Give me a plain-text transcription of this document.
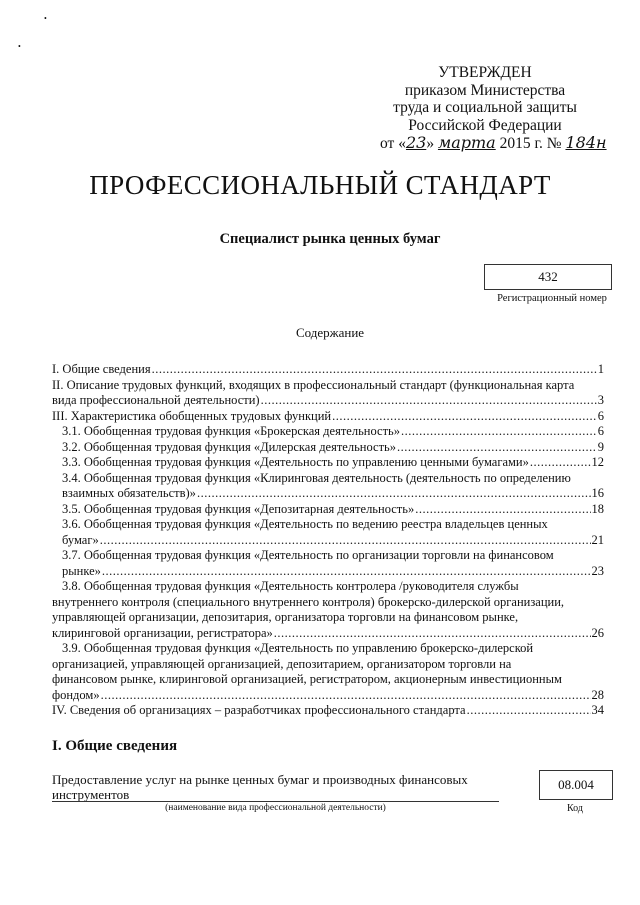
•
•
УТВЕРЖДЕН
приказом Министерства
труда и социальной защиты
Российской Федерации
от «23» марта 2015 г. № 184н
ПРОФЕССИОНАЛЬНЫЙ СТАНДАРТ
Специалист рынка ценных бумаг
432
Регистрационный номер
Содержание
I. Общие сведения .....	1
II. Описание трудовых функций, входящих в профессиональный стандарт (функциональная карта
вида профессиональной деятельности) .....	3
III. Характеристика обобщенных трудовых функций .....	6
3.1. Обобщенная трудовая функция «Брокерская деятельность» .....	6
3.2. Обобщенная трудовая функция «Дилерская деятельность» .....	9
3.3. Обобщенная трудовая функция «Деятельность по управлению ценными бумагами» .....	12
3.4. Обобщенная трудовая функция «Клиринговая деятельность (деятельность по определению
взаимных обязательств)» .....	16
3.5. Обобщенная трудовая функция «Депозитарная деятельность» .....	18
3.6. Обобщенная трудовая функция «Деятельность по ведению реестра владельцев ценных
бумаг» .....	21
3.7. Обобщенная трудовая функция «Деятельность по организации торговли на финансовом
рынке» .....	23
3.8. Обобщенная трудовая функция «Деятельность контролера /руководителя службы
внутреннего контроля (специального внутреннего контроля) брокерско-дилерской организации,
управляющей организации, депозитария, организатора торговли на финансовом рынке,
клиринговой организации, регистратора» .....	26
3.9. Обобщенная трудовая функция «Деятельность по управлению брокерско-дилерской
организацией, управляющей организацией, депозитарием, организатором торговли на
финансовом рынке, клиринговой организацией, регистратором, акционерным инвестиционным
фондом» .....	28
IV. Сведения об организациях – разработчиках профессионального стандарта .....	34
I. Общие сведения
Предоставление услуг на рынке ценных бумаг и производных финансовых
инструментов
(наименование вида профессиональной деятельности)
08.004
Код
